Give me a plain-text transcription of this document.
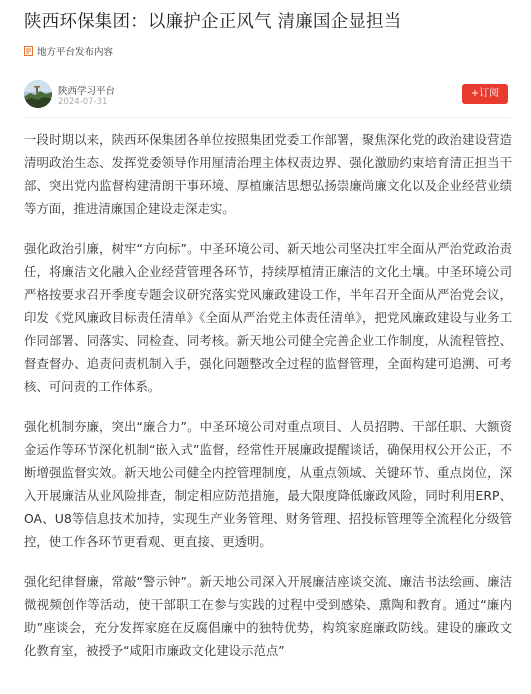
陕西环保集团：以廉护企正风气 清廉国企显担当
地方平台发布内容
陕西学习平台
2024-07-31
+订阅

一段时期以来，陕西环保集团各单位按照集团党委工作部署，聚焦深化党的政治建设营造清明政治生态、发挥党委领导作用厘清治理主体权责边界、强化激励约束培育清正担当干部、突出党内监督构建清朗干事环境、厚植廉洁思想弘扬崇廉尚廉文化以及企业经营业绩等方面，推进清廉国企建设走深走实。

强化政治引廉，树牢“方向标”。中圣环境公司、新天地公司坚决扛牢全面从严治党政治责任，将廉洁文化融入企业经营管理各环节，持续厚植清正廉洁的文化土壤。中圣环境公司严格按要求召开季度专题会议研究落实党风廉政建设工作，半年召开全面从严治党会议，印发《党风廉政目标责任清单》《全面从严治党主体责任清单》，把党风廉政建设与业务工作同部署、同落实、同检查、同考核。新天地公司健全完善企业工作制度，从流程管控、督查督办、追责问责机制入手，强化问题整改全过程的监督管理，全面构建可追溯、可考核、可问责的工作体系。

强化机制夯廉，突出“廉合力”。中圣环境公司对重点项目、人员招聘、干部任职、大额资金运作等环节深化机制“嵌入式”监督，经常性开展廉政提醒谈话，确保用权公开公正，不断增强监督实效。新天地公司健全内控管理制度，从重点领域、关键环节、重点岗位，深入开展廉洁从业风险排查，制定相应防范措施，最大限度降低廉政风险，同时利用ERP、OA、U8等信息技术加持，实现生产业务管理、财务管理、招投标管理等全流程化分级管控，使工作各环节更看观、更直接、更透明。

强化纪律督廉，常敲“警示钟”。新天地公司深入开展廉洁座谈交流、廉洁书法绘画、廉洁微视频创作等活动，使干部职工在参与实践的过程中受到感染、熏陶和教育。通过“廉内助”座谈会，充分发挥家庭在反腐倡廉中的独特优势，构筑家庭廉政防线。建设的廉政文化教育室，被授予“咸阳市廉政文化建设示范点”
